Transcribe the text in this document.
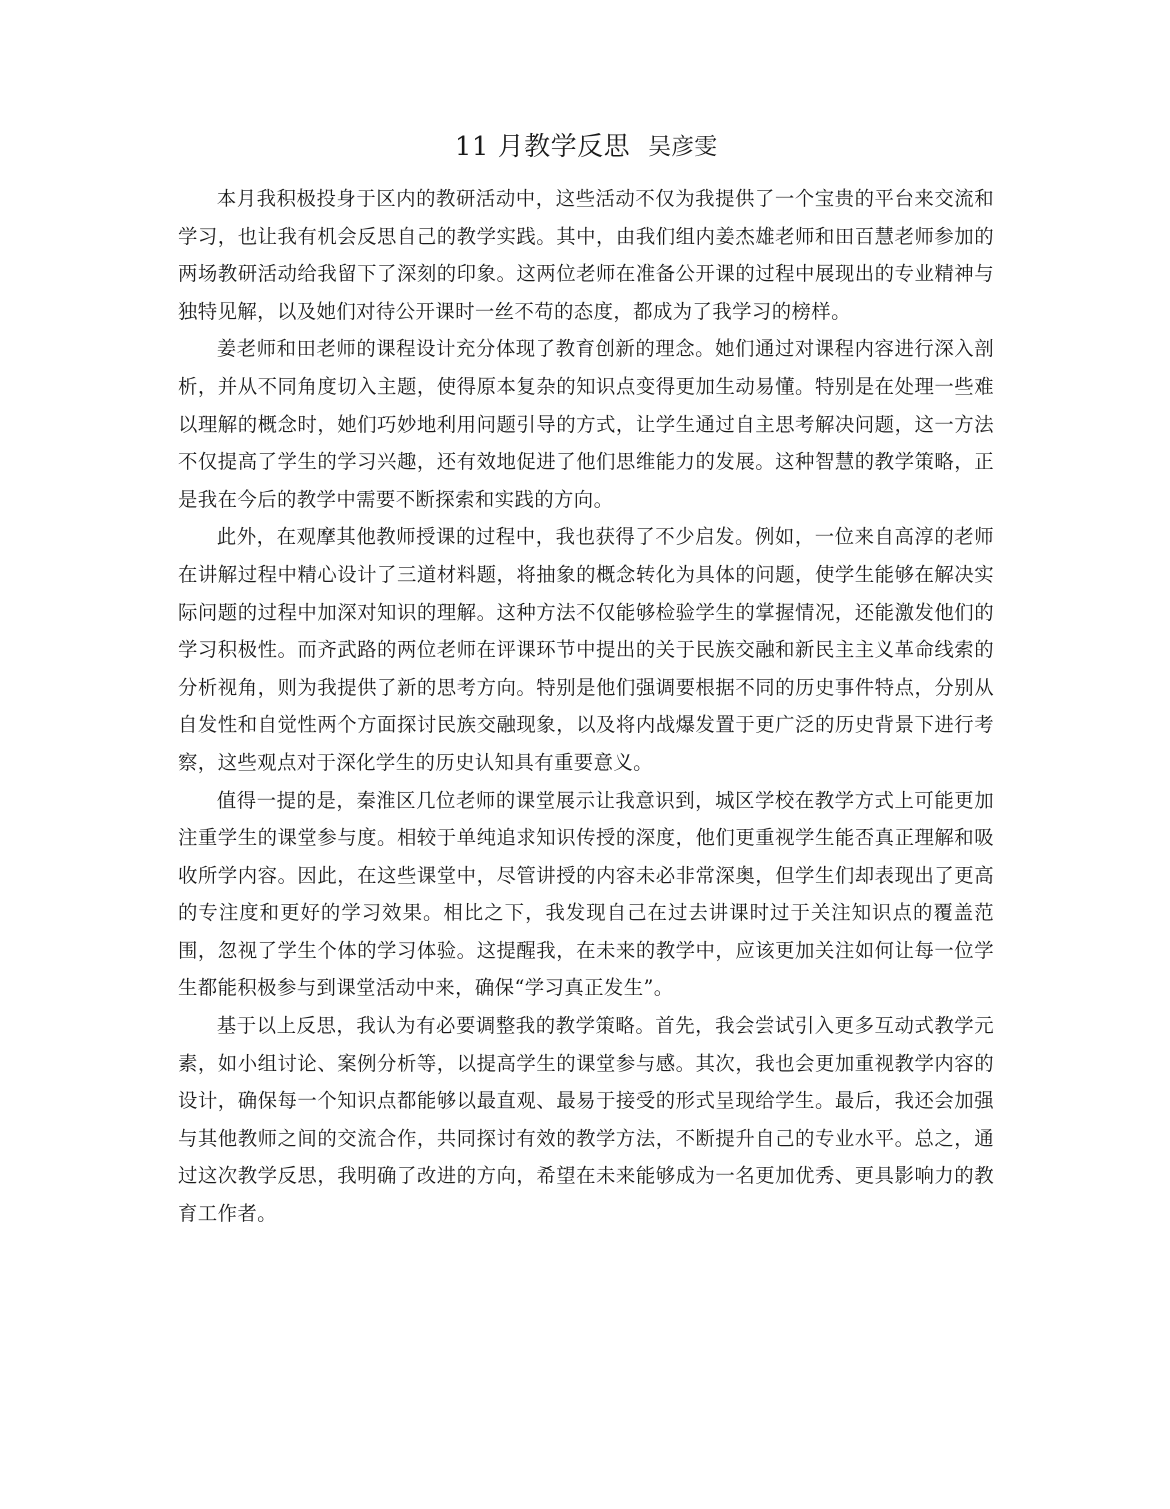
11 月教学反思 吴彦雯

本月我积极投身于区内的教研活动中，这些活动不仅为我提供了一个宝贵的平台来交流和学习，也让我有机会反思自己的教学实践。其中，由我们组内姜杰雄老师和田百慧老师参加的两场教研活动给我留下了深刻的印象。这两位老师在准备公开课的过程中展现出的专业精神与独特见解，以及她们对待公开课时一丝不苟的态度，都成为了我学习的榜样。

姜老师和田老师的课程设计充分体现了教育创新的理念。她们通过对课程内容进行深入剖析，并从不同角度切入主题，使得原本复杂的知识点变得更加生动易懂。特别是在处理一些难以理解的概念时，她们巧妙地利用问题引导的方式，让学生通过自主思考解决问题，这一方法不仅提高了学生的学习兴趣，还有效地促进了他们思维能力的发展。这种智慧的教学策略，正是我在今后的教学中需要不断探索和实践的方向。

此外，在观摩其他教师授课的过程中，我也获得了不少启发。例如，一位来自高淳的老师在讲解过程中精心设计了三道材料题，将抽象的概念转化为具体的问题，使学生能够在解决实际问题的过程中加深对知识的理解。这种方法不仅能够检验学生的掌握情况，还能激发他们的学习积极性。而齐武路的两位老师在评课环节中提出的关于民族交融和新民主主义革命线索的分析视角，则为我提供了新的思考方向。特别是他们强调要根据不同的历史事件特点，分别从自发性和自觉性两个方面探讨民族交融现象，以及将内战爆发置于更广泛的历史背景下进行考察，这些观点对于深化学生的历史认知具有重要意义。

值得一提的是，秦淮区几位老师的课堂展示让我意识到，城区学校在教学方式上可能更加注重学生的课堂参与度。相较于单纯追求知识传授的深度，他们更重视学生能否真正理解和吸收所学内容。因此，在这些课堂中，尽管讲授的内容未必非常深奥，但学生们却表现出了更高的专注度和更好的学习效果。相比之下，我发现自己在过去讲课时过于关注知识点的覆盖范围，忽视了学生个体的学习体验。这提醒我，在未来的教学中，应该更加关注如何让每一位学生都能积极参与到课堂活动中来，确保“学习真正发生”。

基于以上反思，我认为有必要调整我的教学策略。首先，我会尝试引入更多互动式教学元素，如小组讨论、案例分析等，以提高学生的课堂参与感。其次，我也会更加重视教学内容的设计，确保每一个知识点都能够以最直观、最易于接受的形式呈现给学生。最后，我还会加强与其他教师之间的交流合作，共同探讨有效的教学方法，不断提升自己的专业水平。总之，通过这次教学反思，我明确了改进的方向，希望在未来能够成为一名更加优秀、更具影响力的教育工作者。
